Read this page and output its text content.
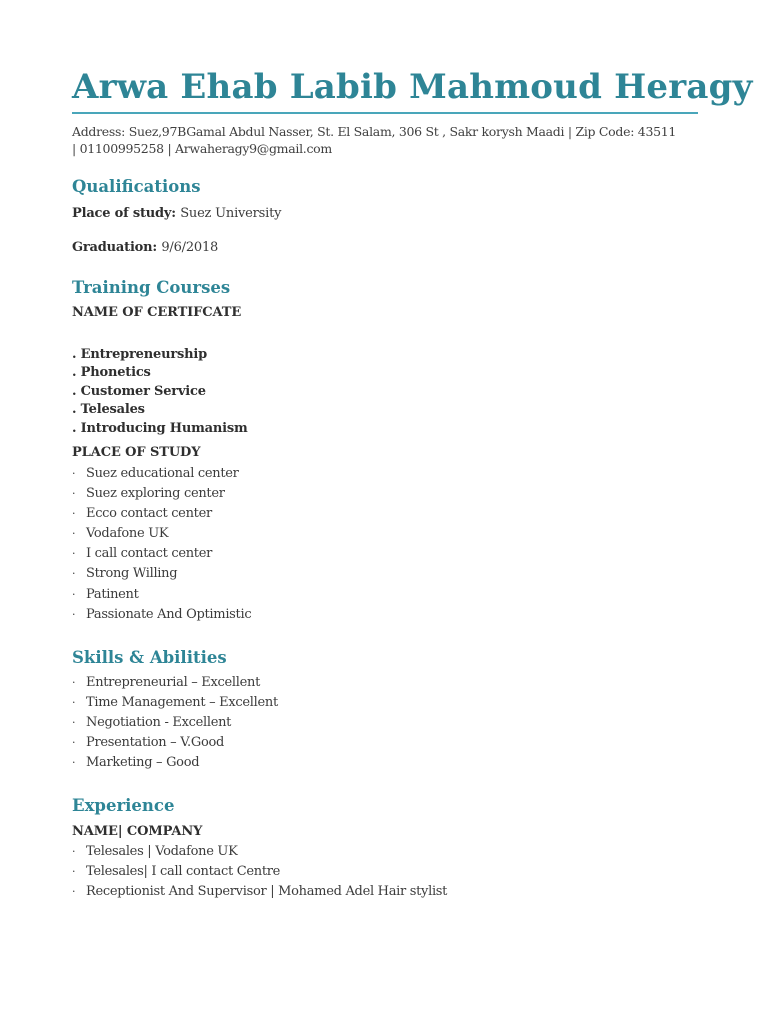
Arwa Ehab Labib Mahmoud Heragy
Address: Suez,97BGamal Abdul Nasser, St. El Salam, 306 St , Sakr korysh Maadi | Zip Code: 43511
| 01100995258 | Arwaheragy9@gmail.com
Qualifications
Place of study: Suez University
Graduation: 9/6/2018
Training Courses
NAME OF CERTIFCATE
. Entrepreneurship
. Phonetics
. Customer Service
. Telesales
. Introducing Humanism
PLACE OF STUDY
· Suez educational center
· Suez exploring center
· Ecco contact center
· Vodafone UK
· I call contact center
· Strong Willing
· Patinent
· Passionate And Optimistic
Skills & Abilities
· Entrepreneurial – Excellent
· Time Management – Excellent
· Negotiation - Excellent
· Presentation – V.Good
· Marketing – Good
Experience
NAME| COMPANY
· Telesales | Vodafone UK
· Telesales| I call contact Centre
· Receptionist And Supervisor | Mohamed Adel Hair stylist
